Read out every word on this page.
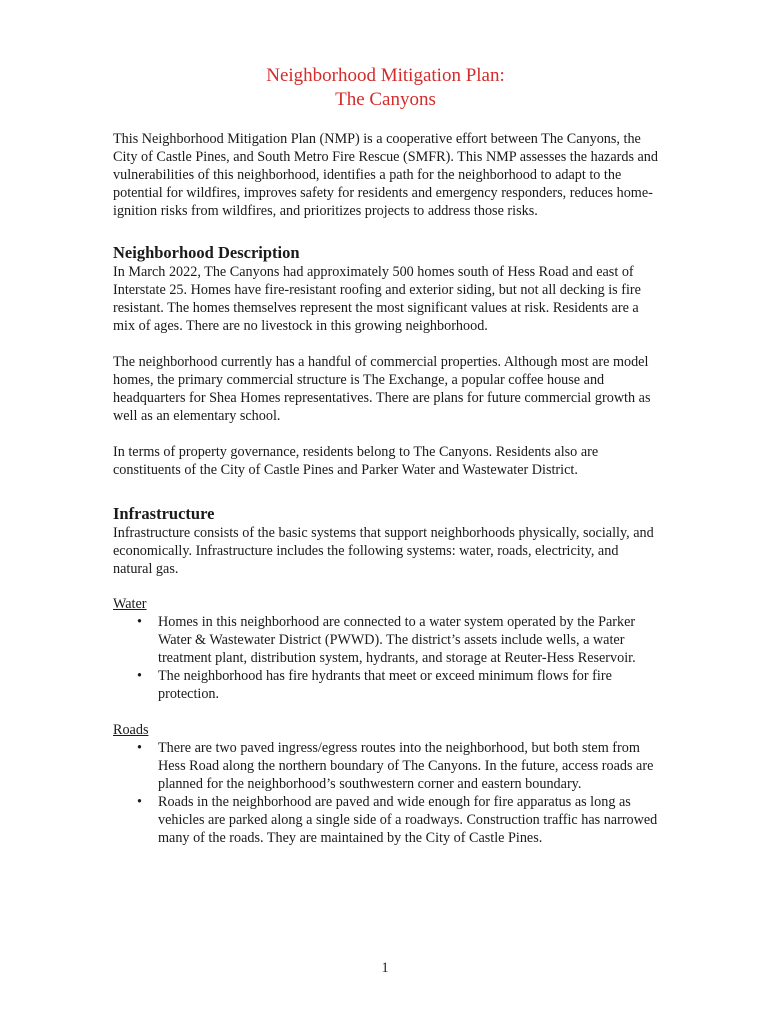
Neighborhood Mitigation Plan:
The Canyons

This Neighborhood Mitigation Plan (NMP) is a cooperative effort between The Canyons, the City of Castle Pines, and South Metro Fire Rescue (SMFR). This NMP assesses the hazards and vulnerabilities of this neighborhood, identifies a path for the neighborhood to adapt to the potential for wildfires, improves safety for residents and emergency responders, reduces home-ignition risks from wildfires, and prioritizes projects to address those risks.

Neighborhood Description

In March 2022, The Canyons had approximately 500 homes south of Hess Road and east of Interstate 25. Homes have fire-resistant roofing and exterior siding, but not all decking is fire resistant. The homes themselves represent the most significant values at risk. Residents are a mix of ages. There are no livestock in this growing neighborhood.

The neighborhood currently has a handful of commercial properties. Although most are model homes, the primary commercial structure is The Exchange, a popular coffee house and headquarters for Shea Homes representatives. There are plans for future commercial growth as well as an elementary school.

In terms of property governance, residents belong to The Canyons. Residents also are constituents of the City of Castle Pines and Parker Water and Wastewater District.

Infrastructure

Infrastructure consists of the basic systems that support neighborhoods physically, socially, and economically. Infrastructure includes the following systems: water, roads, electricity, and natural gas.

Water
• Homes in this neighborhood are connected to a water system operated by the Parker Water & Wastewater District (PWWD). The district’s assets include wells, a water treatment plant, distribution system, hydrants, and storage at Reuter-Hess Reservoir.
• The neighborhood has fire hydrants that meet or exceed minimum flows for fire protection.
Roads
• There are two paved ingress/egress routes into the neighborhood, but both stem from Hess Road along the northern boundary of The Canyons. In the future, access roads are planned for the neighborhood’s southwestern corner and eastern boundary.
• Roads in the neighborhood are paved and wide enough for fire apparatus as long as vehicles are parked along a single side of a roadways. Construction traffic has narrowed many of the roads. They are maintained by the City of Castle Pines.
1
